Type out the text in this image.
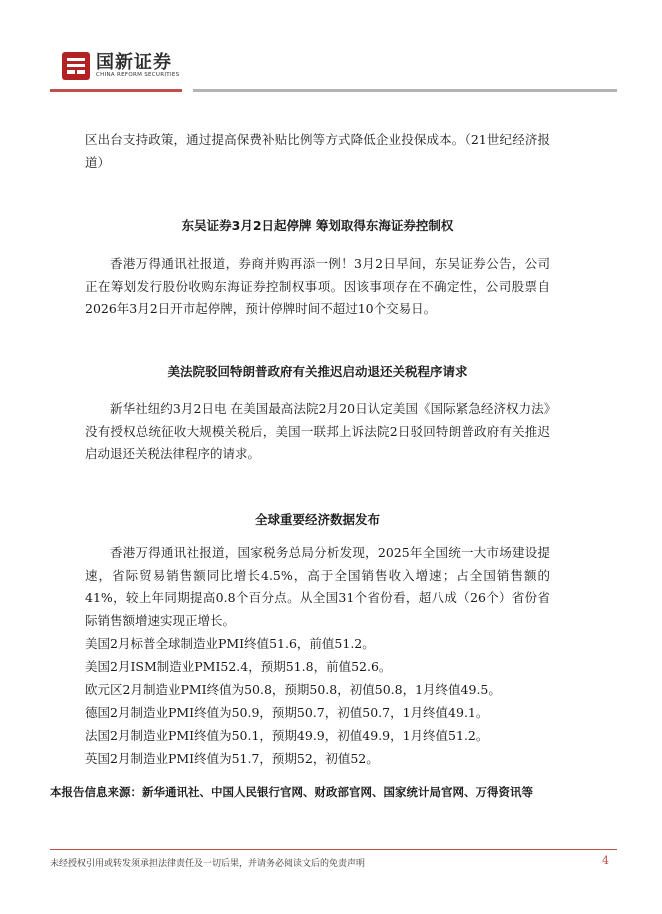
国新证券
CHINA REFORM SECURITIES

区出台支持政策，通过提高保费补贴比例等方式降低企业投保成本。（21世纪经济报道）

东吴证券3月2日起停牌 筹划取得东海证券控制权

香港万得通讯社报道，券商并购再添一例！3月2日早间，东吴证券公告，公司正在筹划发行股份收购东海证券控制权事项。因该事项存在不确定性，公司股票自2026年3月2日开市起停牌，预计停牌时间不超过10个交易日。

美法院驳回特朗普政府有关推迟启动退还关税程序请求

新华社纽约3月2日电 在美国最高法院2月20日认定美国《国际紧急经济权力法》没有授权总统征收大规模关税后，美国一联邦上诉法院2日驳回特朗普政府有关推迟启动退还关税法律程序的请求。

全球重要经济数据发布

香港万得通讯社报道，国家税务总局分析发现，2025年全国统一大市场建设提速，省际贸易销售额同比增长4.5%，高于全国销售收入增速；占全国销售额的41%，较上年同期提高0.8个百分点。从全国31个省份看，超八成（26个）省份省际销售额增速实现正增长。

美国2月标普全球制造业PMI终值51.6，前值51.2。

美国2月ISM制造业PMI52.4，预期51.8，前值52.6。

欧元区2月制造业PMI终值为50.8，预期50.8，初值50.8，1月终值49.5。

德国2月制造业PMI终值为50.9，预期50.7，初值50.7，1月终值49.1。

法国2月制造业PMI终值为50.1，预期49.9，初值49.9，1月终值51.2。

英国2月制造业PMI终值为51.7，预期52，初值52。

本报告信息来源：新华通讯社、中国人民银行官网、财政部官网、国家统计局官网、万得资讯等

未经授权引用或转发须承担法律责任及一切后果，并请务必阅读文后的免责声明	4
